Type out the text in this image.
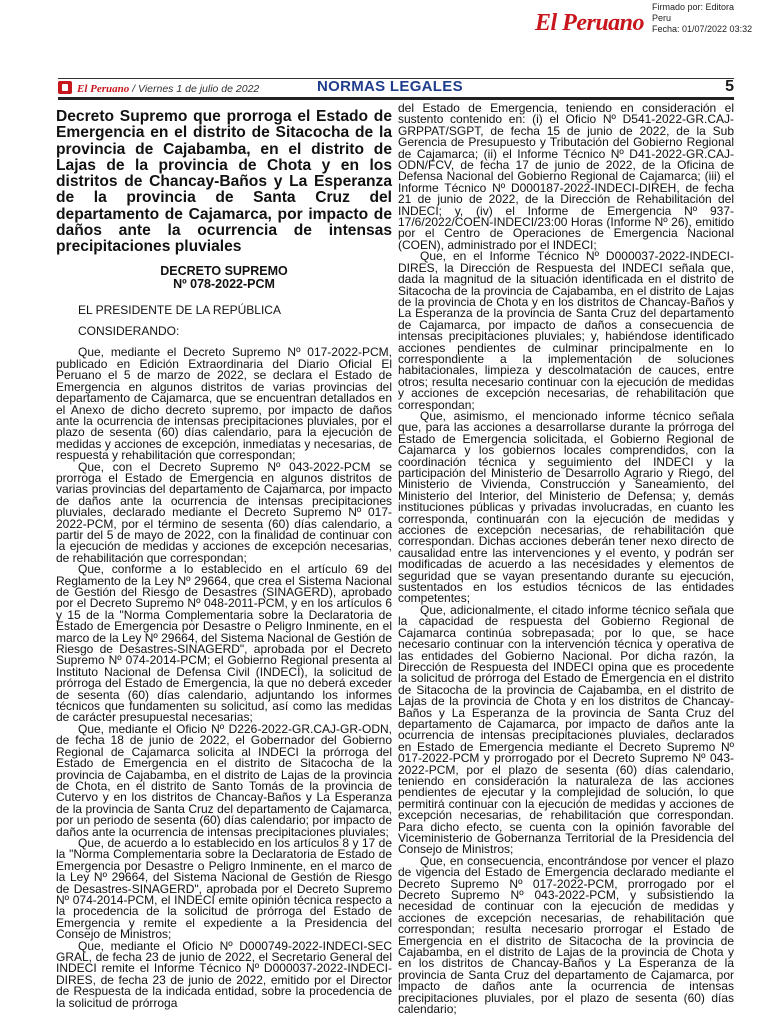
El Peruano
Firmado por: Editora
Peru
Fecha: 01/07/2022 03:32
El Peruano / Viernes 1 de julio de 2022	NORMAS LEGALES	5

Decreto Supremo que prorroga el Estado de Emergencia en el distrito de Sitacocha de la provincia de Cajabamba, en el distrito de Lajas de la provincia de Chota y en los distritos de Chancay-Baños y La Esperanza de la provincia de Santa Cruz del departamento de Cajamarca, por impacto de daños ante la ocurrencia de intensas precipitaciones pluviales

DECRETO SUPREMO
Nº 078-2022-PCM

EL PRESIDENTE DE LA REPÚBLICA

CONSIDERANDO:

Que, mediante el Decreto Supremo Nº 017-2022-PCM, publicado en Edición Extraordinaria del Diario Oficial El Peruano el 5 de marzo de 2022, se declara el Estado de Emergencia en algunos distritos de varias provincias del departamento de Cajamarca, que se encuentran detallados en el Anexo de dicho decreto supremo, por impacto de daños ante la ocurrencia de intensas precipitaciones pluviales, por el plazo de sesenta (60) días calendario, para la ejecución de medidas y acciones de excepción, inmediatas y necesarias, de respuesta y rehabilitación que correspondan;

Que, con el Decreto Supremo Nº 043-2022-PCM se prorroga el Estado de Emergencia en algunos distritos de varias provincias del departamento de Cajamarca, por impacto de daños ante la ocurrencia de intensas precipitaciones pluviales, declarado mediante el Decreto Supremo Nº 017-2022-PCM, por el término de sesenta (60) días calendario, a partir del 5 de mayo de 2022, con la finalidad de continuar con la ejecución de medidas y acciones de excepción necesarias, de rehabilitación que correspondan;

Que, conforme a lo establecido en el artículo 69 del Reglamento de la Ley Nº 29664, que crea el Sistema Nacional de Gestión del Riesgo de Desastres (SINAGERD), aprobado por el Decreto Supremo Nº 048-2011-PCM, y en los artículos 6 y 15 de la "Norma Complementaria sobre la Declaratoria de Estado de Emergencia por Desastre o Peligro Inminente, en el marco de la Ley Nº 29664, del Sistema Nacional de Gestión de Riesgo de Desastres-SINAGERD", aprobada por el Decreto Supremo Nº 074-2014-PCM; el Gobierno Regional presenta al Instituto Nacional de Defensa Civil (INDECI), la solicitud de prórroga del Estado de Emergencia, la que no deberá exceder de sesenta (60) días calendario, adjuntando los informes técnicos que fundamenten su solicitud, así como las medidas de carácter presupuestal necesarias;

Que, mediante el Oficio Nº D226-2022-GR.CAJ-GR-ODN, de fecha 18 de junio de 2022, el Gobernador del Gobierno Regional de Cajamarca solicita al INDECI la prórroga del Estado de Emergencia en el distrito de Sitacocha de la provincia de Cajabamba, en el distrito de Lajas de la provincia de Chota, en el distrito de Santo Tomás de la provincia de Cutervo y en los distritos de Chancay-Baños y La Esperanza de la provincia de Santa Cruz del departamento de Cajamarca, por un periodo de sesenta (60) días calendario; por impacto de daños ante la ocurrencia de intensas precipitaciones pluviales;

Que, de acuerdo a lo establecido en los artículos 8 y 17 de la "Norma Complementaria sobre la Declaratoria de Estado de Emergencia por Desastre o Peligro Inminente, en el marco de la Ley Nº 29664, del Sistema Nacional de Gestión de Riesgo de Desastres-SINAGERD", aprobada por el Decreto Supremo Nº 074-2014-PCM, el INDECI emite opinión técnica respecto a la procedencia de la solicitud de prórroga del Estado de Emergencia y remite el expediente a la Presidencia del Consejo de Ministros;

Que, mediante el Oficio Nº D000749-2022-INDECI-SEC GRAL, de fecha 23 de junio de 2022, el Secretario General del INDECI remite el Informe Técnico Nº D000037-2022-INDECI-DIRES, de fecha 23 de junio de 2022, emitido por el Director de Respuesta de la indicada entidad, sobre la procedencia de la solicitud de prórroga

del Estado de Emergencia, teniendo en consideración el sustento contenido en: (i) el Oficio Nº D541-2022-GR.CAJ-GRPPAT/SGPT, de fecha 15 de junio de 2022, de la Sub Gerencia de Presupuesto y Tributación del Gobierno Regional de Cajamarca; (ii) el Informe Técnico Nº D41-2022-GR.CAJ-ODN/FCV, de fecha 17 de junio de 2022, de la Oficina de Defensa Nacional del Gobierno Regional de Cajamarca; (iii) el Informe Técnico Nº D000187-2022-INDECI-DIREH, de fecha 21 de junio de 2022, de la Dirección de Rehabilitación del INDECI; y, (iv) el Informe de Emergencia Nº 937-17/6/2022/COEN-INDECI/23:00 Horas (Informe Nº 26), emitido por el Centro de Operaciones de Emergencia Nacional (COEN), administrado por el INDECI;

Que, en el Informe Técnico Nº D000037-2022-INDECI-DIRES, la Dirección de Respuesta del INDECI señala que, dada la magnitud de la situación identificada en el distrito de Sitacocha de la provincia de Cajabamba, en el distrito de Lajas de la provincia de Chota y en los distritos de Chancay-Baños y La Esperanza de la provincia de Santa Cruz del departamento de Cajamarca, por impacto de daños a consecuencia de intensas precipitaciones pluviales; y, habiéndose identificado acciones pendientes de culminar principalmente en lo correspondiente a la implementación de soluciones habitacionales, limpieza y descolmatación de cauces, entre otros; resulta necesario continuar con la ejecución de medidas y acciones de excepción necesarias, de rehabilitación que correspondan;

Que, asimismo, el mencionado informe técnico señala que, para las acciones a desarrollarse durante la prórroga del Estado de Emergencia solicitada, el Gobierno Regional de Cajamarca y los gobiernos locales comprendidos, con la coordinación técnica y seguimiento del INDECI y la participación del Ministerio de Desarrollo Agrario y Riego, del Ministerio de Vivienda, Construcción y Saneamiento, del Ministerio del Interior, del Ministerio de Defensa; y, demás instituciones públicas y privadas involucradas, en cuanto les corresponda, continuarán con la ejecución de medidas y acciones de excepción necesarias, de rehabilitación que correspondan. Dichas acciones deberán tener nexo directo de causalidad entre las intervenciones y el evento, y podrán ser modificadas de acuerdo a las necesidades y elementos de seguridad que se vayan presentando durante su ejecución, sustentados en los estudios técnicos de las entidades competentes;

Que, adicionalmente, el citado informe técnico señala que la capacidad de respuesta del Gobierno Regional de Cajamarca continúa sobrepasada; por lo que, se hace necesario continuar con la intervención técnica y operativa de las entidades del Gobierno Nacional. Por dicha razón, la Dirección de Respuesta del INDECI opina que es procedente la solicitud de prórroga del Estado de Emergencia en el distrito de Sitacocha de la provincia de Cajabamba, en el distrito de Lajas de la provincia de Chota y en los distritos de Chancay-Baños y La Esperanza de la provincia de Santa Cruz del departamento de Cajamarca, por impacto de daños ante la ocurrencia de intensas precipitaciones pluviales, declarados en Estado de Emergencia mediante el Decreto Supremo Nº 017-2022-PCM y prorrogado por el Decreto Supremo Nº 043-2022-PCM, por el plazo de sesenta (60) días calendario, teniendo en consideración la naturaleza de las acciones pendientes de ejecutar y la complejidad de solución, lo que permitirá continuar con la ejecución de medidas y acciones de excepción necesarias, de rehabilitación que correspondan. Para dicho efecto, se cuenta con la opinión favorable del Viceministerio de Gobernanza Territorial de la Presidencia del Consejo de Ministros;

Que, en consecuencia, encontrándose por vencer el plazo de vigencia del Estado de Emergencia declarado mediante el Decreto Supremo Nº 017-2022-PCM, prorrogado por el Decreto Supremo Nº 043-2022-PCM, y subsistiendo la necesidad de continuar con la ejecución de medidas y acciones de excepción necesarias, de rehabilitación que correspondan; resulta necesario prorrogar el Estado de Emergencia en el distrito de Sitacocha de la provincia de Cajabamba, en el distrito de Lajas de la provincia de Chota y en los distritos de Chancay-Baños y La Esperanza de la provincia de Santa Cruz del departamento de Cajamarca, por impacto de daños ante la ocurrencia de intensas precipitaciones pluviales, por el plazo de sesenta (60) días calendario;
